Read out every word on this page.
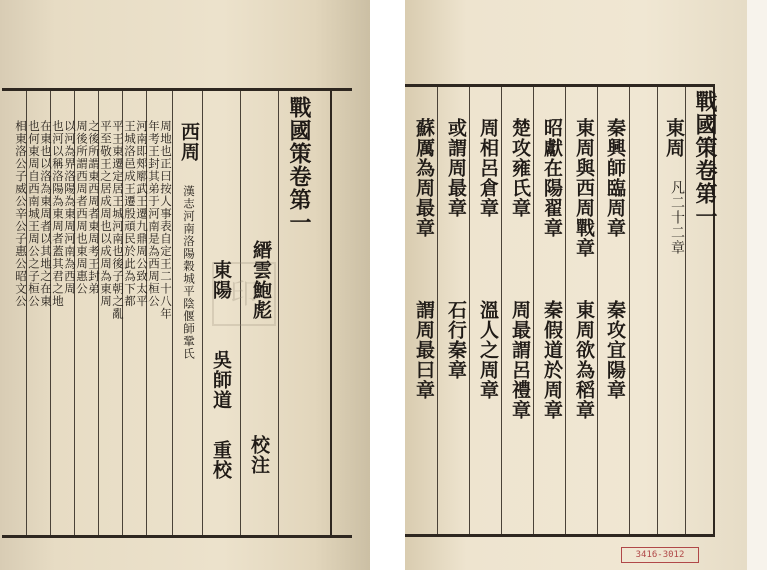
印
戰國策卷第一
縉雲鮑彪
校注
東陽
吳師道
重校
西周
漢志河南洛陽穀城平陰偃師鞏氏
周地也正曰按人事表自定王二十八年
年考王封其弟于河南是為西周桓公
河南即郟鄏武王遷九鼎周公致太平
王城洛邑成王遷殷頑民於此為下都
平王東遷定居王城河南也後子朝之亂
平至敬王之居成周也以成周為東周
之後所謂東西周者東周考王封弟
周後所謂西周者西周也東周惠公
以河為界洛陽為東周河南為西周
也河以稱洛陽為東周者蓋其君之地
在東也以洛為東周者以其地之在東
也何東周自西南城王周公之子桓公
相東洛公子威公辛公子惠公昭文公	戰國策卷第一
東周
凡二十二章
秦興師臨周章
東周與西周戰章
昭獻在陽翟章
楚攻雍氏章
周相呂倉章
或謂周最章
蘇厲為周最章
秦攻宜陽章
東周欲為稻章
秦假道於周章
周最謂呂禮章
溫人之周章
石行秦章
謂周最曰章
3416-3012
